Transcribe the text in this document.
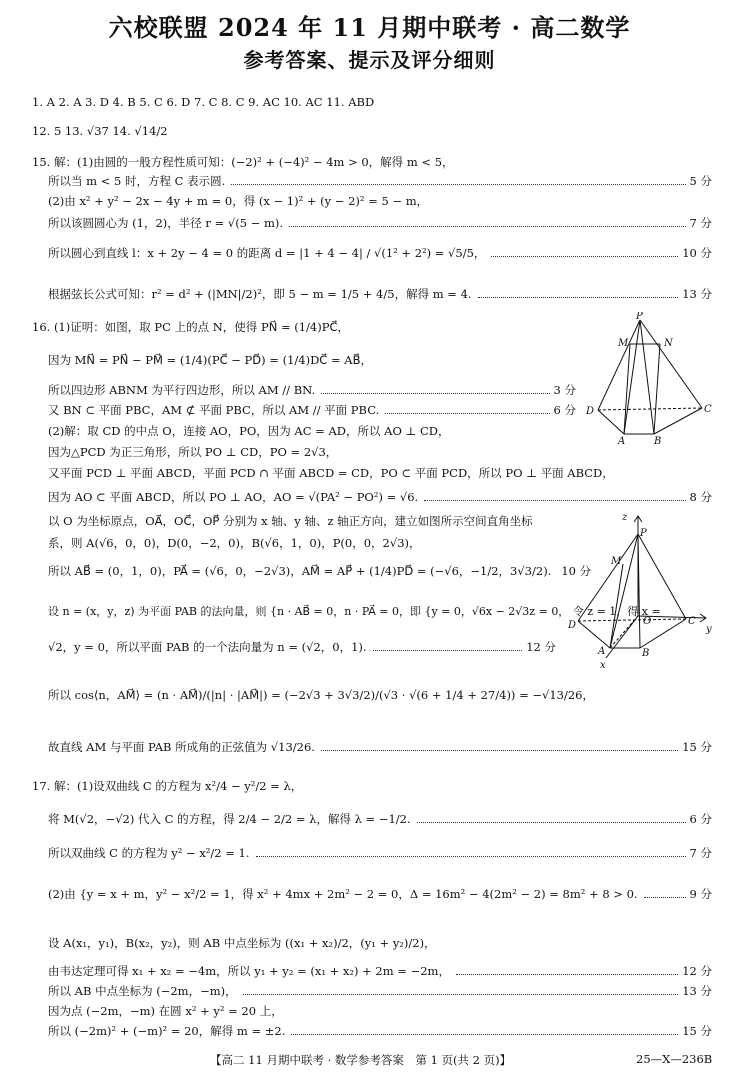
六校联盟 2024 年 11 月期中联考 · 高二数学
参考答案、提示及评分细则
1. A 2. A 3. D 4. B 5. C 6. D 7. C 8. C 9. AC 10. AC 11. ABD
12. 5 13. √37 14. √14/2
15. 解：(1)由圆的一般方程性质可知：(−2)² + (−4)² − 4m > 0，解得 m < 5，
所以当 m < 5 时，方程 C 表示圆.	5 分
(2)由 x² + y² − 2x − 4y + m = 0，得 (x − 1)² + (y − 2)² = 5 − m，
所以该圆圆心为 (1，2)，半径 r = √(5 − m).	7 分
所以圆心到直线 l：x + 2y − 4 = 0 的距离 d = |1 + 4 − 4| / √(1² + 2²) = √5/5，	10 分
根据弦长公式可知：r² = d² + (|MN|/2)²，即 5 − m = 1/5 + 4/5，解得 m = 4.	13 分
16. (1)证明：如图，取 PC 上的点 N，使得 PN⃗ = (1/4)PC⃗，
因为 MN⃗ = PN⃗ − PM⃗ = (1/4)(PC⃗ − PD⃗) = (1/4)DC⃗ = AB⃗，
所以四边形 ABNM 为平行四边形，所以 AM // BN.	3 分
又 BN ⊂ 平面 PBC，AM ⊄ 平面 PBC，所以 AM // 平面 PBC.	6 分
(2)解：取 CD 的中点 O，连接 AO，PO，因为 AC = AD，所以 AO ⊥ CD，
因为△PCD 为正三角形，所以 PO ⊥ CD，PO = 2√3，
又平面 PCD ⊥ 平面 ABCD，平面 PCD ∩ 平面 ABCD = CD，PO ⊂ 平面 PCD，所以 PO ⊥ 平面 ABCD，
因为 AO ⊂ 平面 ABCD，所以 PO ⊥ AO，AO = √(PA² − PO²) = √6.	8 分
以 O 为坐标原点，OA⃗，OC⃗，OP⃗ 分别为 x 轴、y 轴、z 轴正方向，建立如图所示空间直角坐标
系，则 A(√6，0，0)，D(0，−2，0)，B(√6，1，0)，P(0，0，2√3)，
所以 AB⃗ = (0，1，0)，PA⃗ = (√6，0，−2√3)，AM⃗ = AP⃗ + (1/4)PD⃗ = (−√6，−1/2，3√3/2). 10 分
设 n = (x，y，z) 为平面 PAB 的法向量，则 {n · AB⃗ = 0，n · PA⃗ = 0，即 {y = 0，√6x − 2√3z = 0， 令 z = 1，得 x =
√2，y = 0，所以平面 PAB 的一个法向量为 n = (√2，0，1).	12 分
所以 cos⟨n，AM⃗⟩ = (n · AM⃗)/(|n| · |AM⃗|) = (−2√3 + 3√3/2)/(√3 · √(6 + 1/4 + 27/4)) = −√13/26，
故直线 AM 与平面 PAB 所成角的正弦值为 √13/26.	15 分
17. 解：(1)设双曲线 C 的方程为 x²/4 − y²/2 = λ，
将 M(√2，−√2) 代入 C 的方程，得 2/4 − 2/2 = λ，解得 λ = −1/2.	6 分
所以双曲线 C 的方程为 y² − x²/2 = 1.	7 分
(2)由 {y = x + m，y² − x²/2 = 1，得 x² + 4mx + 2m² − 2 = 0，Δ = 16m² − 4(2m² − 2) = 8m² + 8 > 0.	9 分
设 A(x₁，y₁)，B(x₂，y₂)，则 AB 中点坐标为 ((x₁ + x₂)/2，(y₁ + y₂)/2)，
由韦达定理可得 x₁ + x₂ = −4m，所以 y₁ + y₂ = (x₁ + x₂) + 2m = −2m，	12 分
所以 AB 中点坐标为 (−2m，−m)，	13 分
因为点 (−2m，−m) 在圆 x² + y² = 20 上，
所以 (−2m)² + (−m)² = 20，解得 m = ±2.	15 分
P
M	N
D	C
A	B
z
P
M
D	O	C
y
A	B
x
【高二 11 月期中联考 · 数学参考答案　第 1 页(共 2 页)】	25—X—236B
